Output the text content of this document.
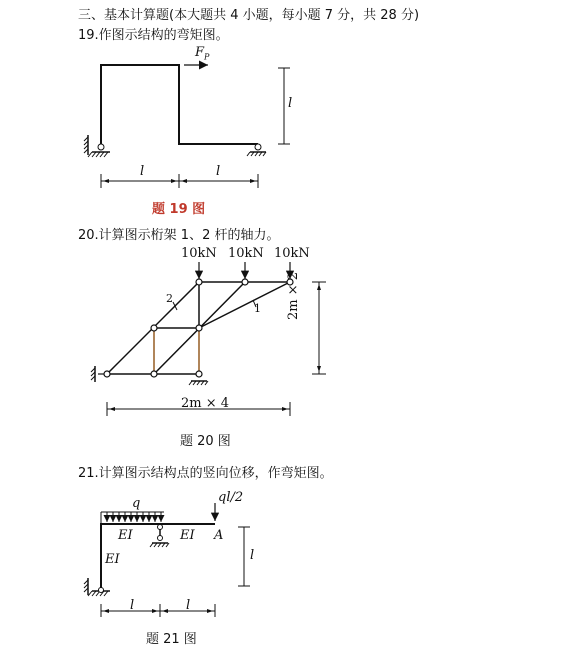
三、基本计算题(本大题共 4 小题，每小题 7 分，共 28 分)
19.作图示结构的弯矩图。
$F_P$
l
l	l
题 19 图
20.计算图示桁架 1、2 杆的轴力。
10kN 10kN 10kN
2
1 2m × 2
2m × 4
题 20 图
21.计算图示结构点的竖向位移，作弯矩图。
q	ql/2
EI	EI A
EI	l
l	l
题 21 图
